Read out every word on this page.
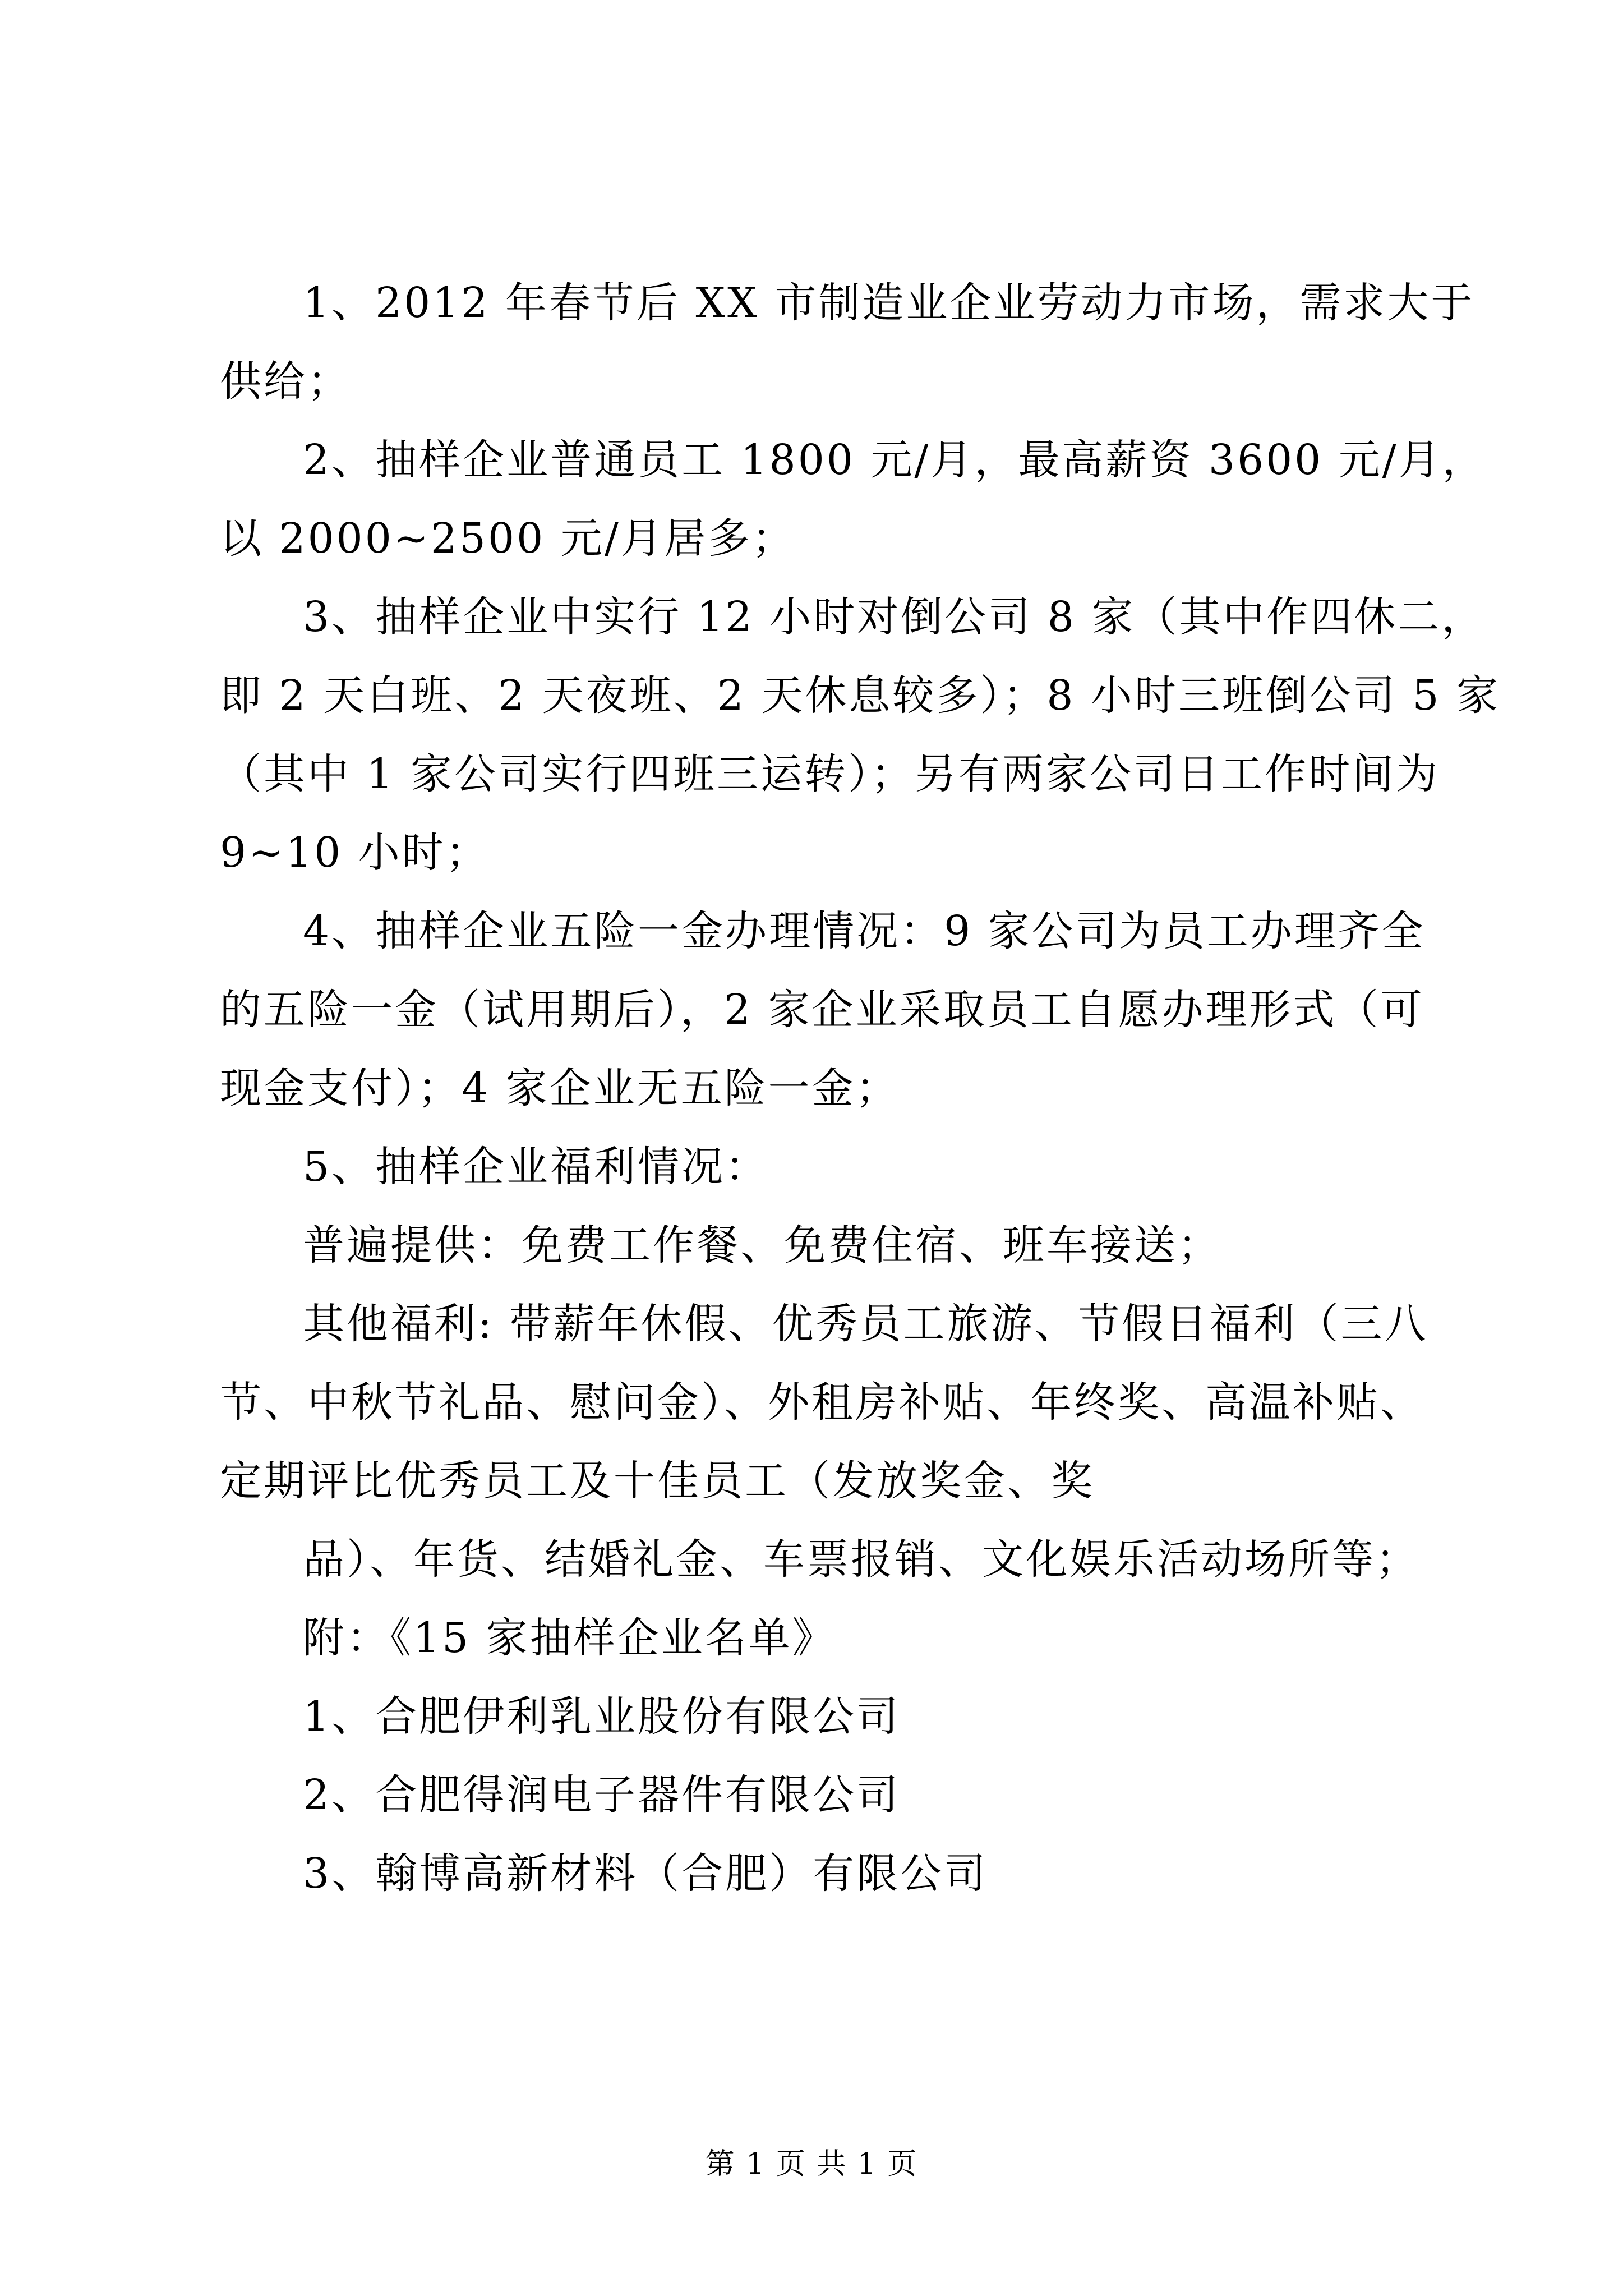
1、2012 年春节后 XX 市制造业企业劳动力市场，需求大于
供给；

2、抽样企业普通员工 1800 元/月，最高薪资 3600 元/月，
以 2000~2500 元/月居多；

3、抽样企业中实行 12 小时对倒公司 8 家（其中作四休二，
即 2 天白班、2 天夜班、2 天休息较多）；8 小时三班倒公司 5 家
（其中 1 家公司实行四班三运转）；另有两家公司日工作时间为
9~10 小时；

4、抽样企业五险一金办理情况：9 家公司为员工办理齐全
的五险一金（试用期后），2 家企业采取员工自愿办理形式（可
现金支付）；4 家企业无五险一金；

5、抽样企业福利情况：

普遍提供：免费工作餐、免费住宿、班车接送；

其他福利: 带薪年休假、优秀员工旅游、节假日福利（三八
节、中秋节礼品、慰问金）、外租房补贴、年终奖、高温补贴、
定期评比优秀员工及十佳员工（发放奖金、奖

品）、年货、结婚礼金、车票报销、文化娱乐活动场所等；

附：《15 家抽样企业名单》

1、合肥伊利乳业股份有限公司

2、合肥得润电子器件有限公司

3、翰博高新材料（合肥）有限公司

第 1 页 共 1 页
